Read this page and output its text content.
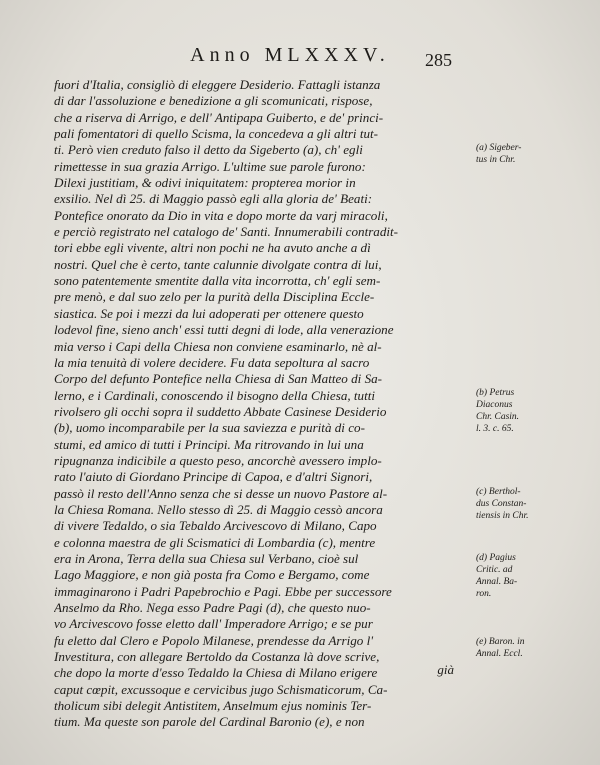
Anno MLXXXV.	285
fuori d'Italia, consigliò di eleggere Desiderio. Fattagli istanza
di dar l'assoluzione e benedizione a gli scomunicati, rispose,
che a riserva di Arrigo, e dell' Antipapa Guiberto, e de' princi-
pali fomentatori di quello Scisma, la concedeva a gli altri tut-
ti. Però vien creduto falso il detto da Sigeberto (a), ch' egli
rimettesse in sua grazia Arrigo. L'ultime sue parole furono:
Dilexi justitiam, & odivi iniquitatem: propterea morior in
exsilio. Nel dì 25. di Maggio passò egli alla gloria de' Beati:
Pontefice onorato da Dio in vita e dopo morte da varj miracoli,
e perciò registrato nel catalogo de' Santi. Innumerabili contradit-
tori ebbe egli vivente, altri non pochi ne ha avuto anche a dì
nostri. Quel che è certo, tante calunnie divolgate contra di lui,
sono patentemente smentite dalla vita incorrotta, ch' egli sem-
pre menò, e dal suo zelo per la purità della Disciplina Eccle-
siastica. Se poi i mezzi da lui adoperati per ottenere questo
lodevol fine, sieno anch' essi tutti degni di lode, alla venerazione
mia verso i Capi della Chiesa non conviene esaminarlo, nè al-
la mia tenuità di volere decidere. Fu data sepoltura al sacro
Corpo del defunto Pontefice nella Chiesa di San Matteo di Sa-
lerno, e i Cardinali, conoscendo il bisogno della Chiesa, tutti
rivolsero gli occhi sopra il suddetto Abbate Casinese Desiderio
(b), uomo incomparabile per la sua saviezza e purità di co-
stumi, ed amico di tutti i Principi. Ma ritrovando in lui una
ripugnanza indicibile a questo peso, ancorchè avessero implo-
rato l'aiuto di Giordano Principe di Capoa, e d'altri Signori,
passò il resto dell'Anno senza che si desse un nuovo Pastore al-
la Chiesa Romana. Nello stesso dì 25. di Maggio cessò ancora
di vivere Tedaldo, o sia Tebaldo Arcivescovo di Milano, Capo
e colonna maestra de gli Scismatici di Lombardia (c), mentre
era in Arona, Terra della sua Chiesa sul Verbano, cioè sul
Lago Maggiore, e non già posta fra Como e Bergamo, come
immaginarono i Padri Papebrochio e Pagi. Ebbe per successore
Anselmo da Rho. Nega esso Padre Pagi (d), che questo nuo-
vo Arcivescovo fosse eletto dall' Imperadore Arrigo; e se pur
fu eletto dal Clero e Popolo Milanese, prendesse da Arrigo l'
Investitura, con allegare Bertoldo da Costanza là dove scrive,
che dopo la morte d'esso Tedaldo la Chiesa di Milano erigere
caput cœpit, excussoque e cervicibus jugo Schismaticorum, Ca-
tholicum sibi delegit Antistitem, Anselmum ejus nominis Ter-
tium. Ma queste son parole del Cardinal Baronio (e), e non
già
(a) Sigeber-
tus in Chr.
(b) Petrus
Diaconus
Chr. Casin.
l. 3. c. 65.
(c) Berthol-
dus Constan-
tiensis in Chr.
(d) Pagius
Critic. ad
Annal. Ba-
ron.
(e) Baron. in
Annal. Eccl.
